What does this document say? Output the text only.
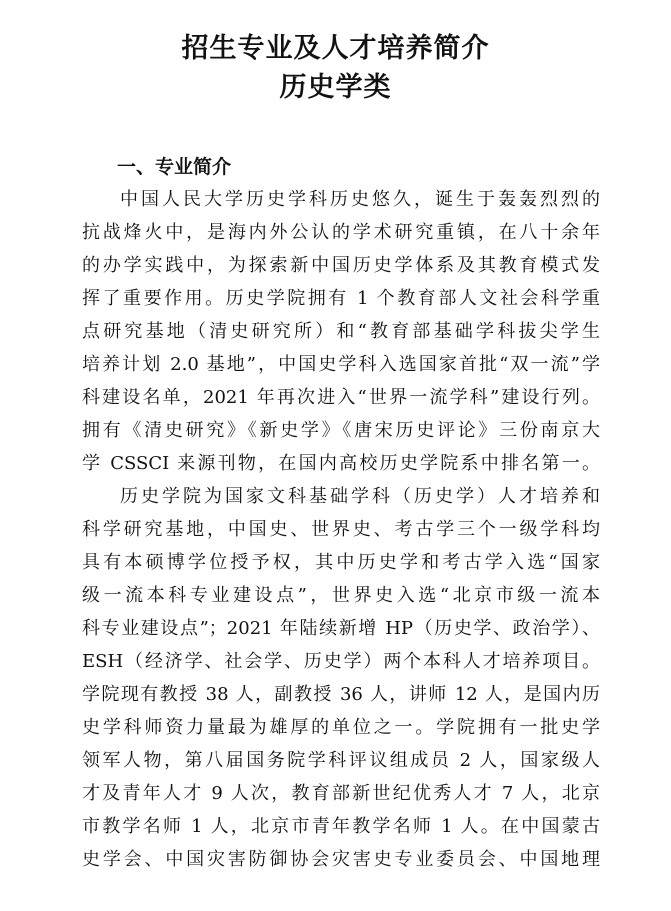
招生专业及人才培养简介
历史学类
一、专业简介
中国人民大学历史学科历史悠久，诞生于轰轰烈烈的
抗战烽火中，是海内外公认的学术研究重镇，在八十余年
的办学实践中，为探索新中国历史学体系及其教育模式发
挥了重要作用。历史学院拥有 1 个教育部人文社会科学重
点研究基地（清史研究所）和“教育部基础学科拔尖学生
培养计划 2.0 基地”，中国史学科入选国家首批“双一流”学
科建设名单，2021 年再次进入“世界一流学科”建设行列。
拥有《清史研究》《新史学》《唐宋历史评论》三份南京大
学 CSSCI 来源刊物，在国内高校历史学院系中排名第一。
历史学院为国家文科基础学科（历史学）人才培养和
科学研究基地，中国史、世界史、考古学三个一级学科均
具有本硕博学位授予权，其中历史学和考古学入选“国家
级一流本科专业建设点”，世界史入选“北京市级一流本
科专业建设点”；2021 年陆续新增 HP（历史学、政治学）、
ESH（经济学、社会学、历史学）两个本科人才培养项目。
学院现有教授 38 人，副教授 36 人，讲师 12 人，是国内历
史学科师资力量最为雄厚的单位之一。学院拥有一批史学
领军人物，第八届国务院学科评议组成员 2 人，国家级人
才及青年人才 9 人次，教育部新世纪优秀人才 7 人，北京
市教学名师 1 人，北京市青年教学名师 1 人。在中国蒙古
史学会、中国灾害防御协会灾害史专业委员会、中国地理
